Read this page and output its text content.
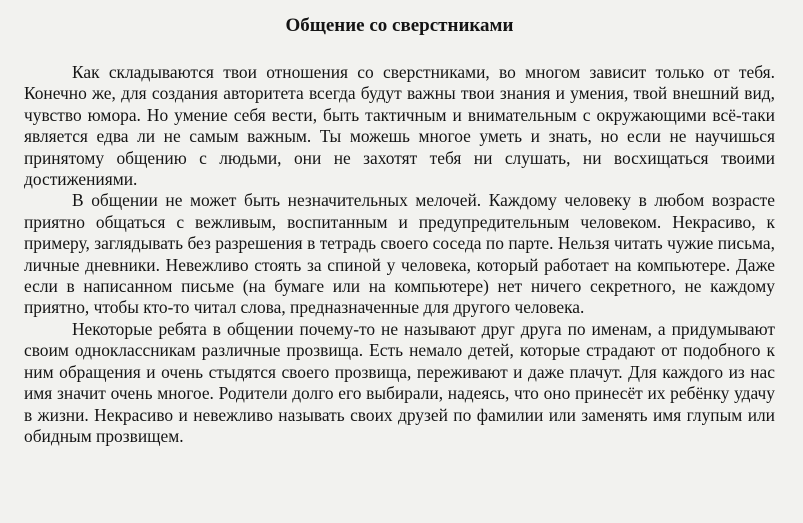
Общение со сверстниками

Как складываются твои отношения со сверстниками, во многом зависит только от тебя. Конечно же, для создания авторитета всегда будут важны твои знания и умения, твой внешний вид, чувство юмора. Но умение себя вести, быть тактичным и внимательным с окружающими всё-таки является едва ли не самым важным. Ты можешь многое уметь и знать, но если не научишься принятому общению с людьми, они не захотят тебя ни слушать, ни восхищаться твоими достижениями.

В общении не может быть незначительных мелочей. Каждому человеку в любом возрасте приятно общаться с вежливым, воспитанным и предупредительным человеком. Некрасиво, к примеру, заглядывать без разрешения в тетрадь своего соседа по парте. Нельзя читать чужие письма, личные дневники. Невежливо стоять за спиной у человека, который работает на компьютере. Даже если в написанном письме (на бумаге или на компьютере) нет ничего секретного, не каждому приятно, чтобы кто-то читал слова, предназначенные для другого человека.

Некоторые ребята в общении почему-то не называют друг друга по именам, а придумывают своим одноклассникам различные прозвища. Есть немало детей, которые страдают от подобного к ним обращения и очень стыдятся своего прозвища, переживают и даже плачут. Для каждого из нас имя значит очень многое. Родители долго его выбирали, надеясь, что оно принесёт их ребёнку удачу в жизни. Некрасиво и невежливо называть своих друзей по фамилии или заменять имя глупым или обидным прозвищем.
